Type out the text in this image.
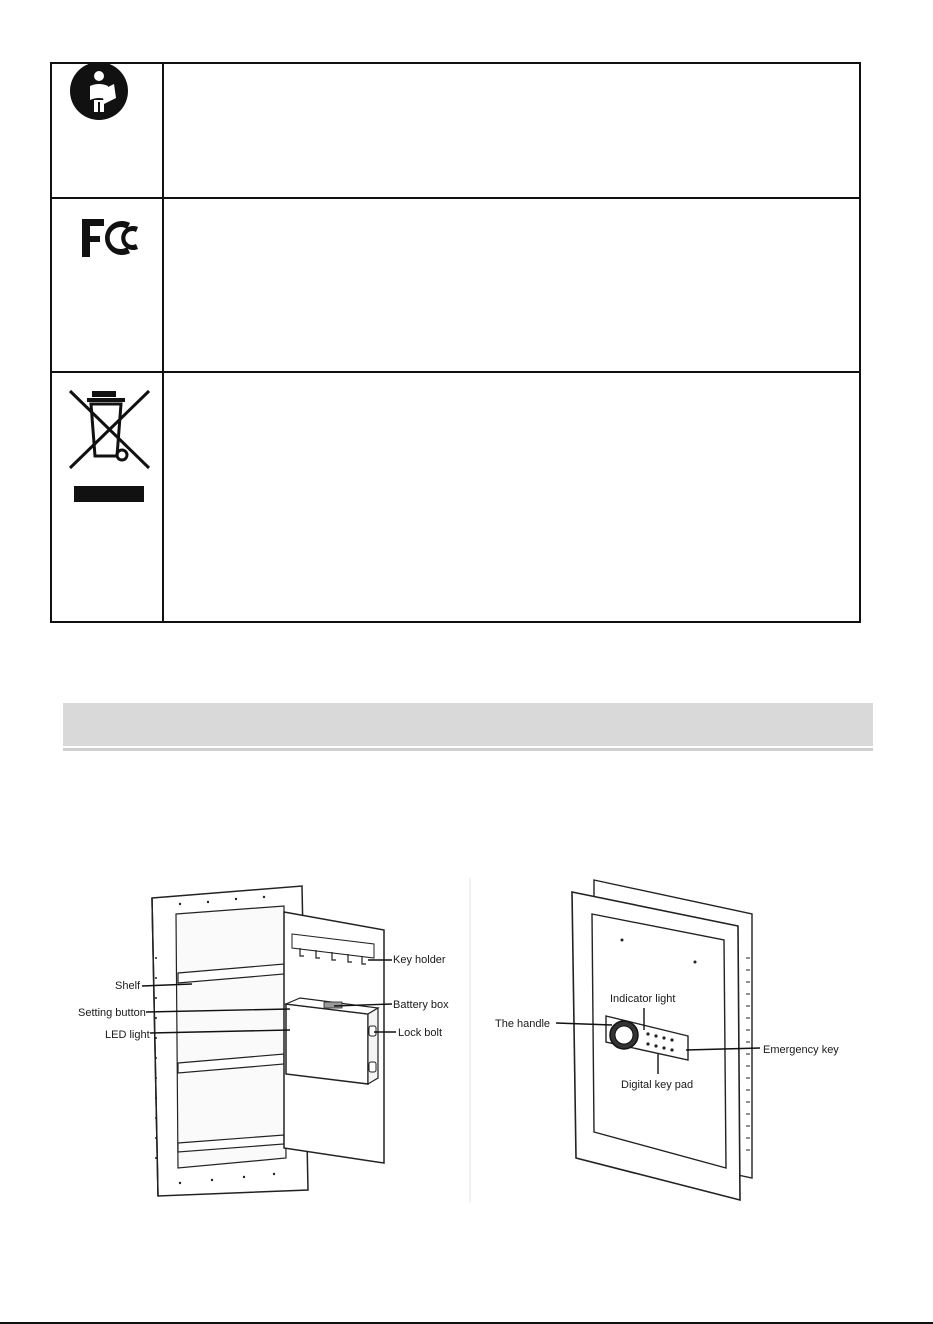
Key holder
Shelf
Battery box
Setting button
Lock bolt
LED light
Indicator light
The handle
Emergency key
Digital key pad
